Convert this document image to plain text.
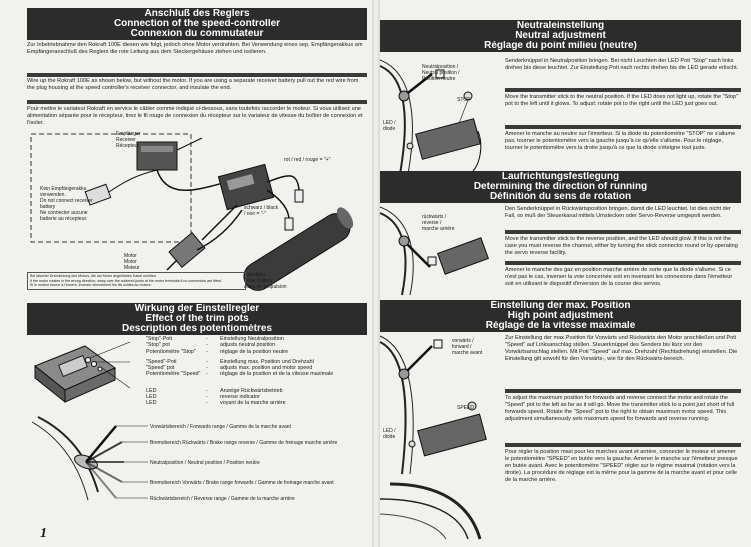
Anschluß des Reglers
Connection of the speed-controller
Connexion du commutateur
Zur Inbetriebnahme den Rokraft 100E diesen wie folgt, jedoch ohne Motor verdrahten. Bei Verwendung eines sep. Empfängerakkus am Empfängeranschluß des Reglers die rote Leitung aus dem Steckergehäuse ziehen und isolieren.
Wire up the Rokraft 100E as shown below, but without the motor. If you are using a separate receiver battery pull out the red wire from the plug housing at the speed controller's receiver connector, and insulate the end.
Pour mettre le variateur Rokraft en service le câbler comme indiqué ci-dessous, sans toutefois raccorder le moteur. Si vous utilisez une alimentation séparée pour le récepteur, tirez le fil rouge de connexion du récepteur sur le variateur de vitesse du boîtier de connexion et l'isoler.
Empfänger
Receiver
Récepteur
Kein Empfängerakku
verwenden.
Do not connect receiver
battery
Ne connecter aucune
batterie au récepteur.
rot / red / rouge = "+"
schwarz / black
/ noir = "-"
Motor
Motor
Moteur
Fahrakku
Drive battery
Accu de propulsion
Bei falscher Drehrichtung des Motors, die am Motor angelöteten Kabel umlöten.
If the motor rotates in the wrong direction, swap over the soldered joints at the motor terminals if no connectors are fitted.
Si le moteur tourne à l'envers, inverser directement les fils soldés au moteur.
Wirkung der Einstellregler
Effect of the trim pots
Description des potentiomètres
"Stop"-Poti
"Stop" pot
Potentiomètre "Stop"
-
-
-
Einstellung Neutralposition
adjusts neutral position
réglage de la position neutre
"Speed"-Poti
"Speed" pot
Potentiomètre "Speed"
-
-
-
Einstellung max. Position und Drehzahl
adjusts max. position and motor speed
réglage de la position et de la vitesse maximale
LED
LED
LED
-
-
-
Anzeige Rückwärtsbetrieb
reverse indicator
voyant de la marche arrière
Vorwärtsbereich / Forwards range / Gamme de la marche avant
Bremsbereich Rückwärts / Brake range reverse / Gamme de freinage marche arrière
Neutralposition / Neutral position / Position neutre
Bremsbereich Vorwärts / Brake range forwards / Gamme de freinage marche avant
Rückwärtsbereich / Reverse range / Gamme de la marche arrière
1
Neutraleinstellung
Neutral adjustment
Réglage du point milieu (neutre)
Neutralposition /
Neutral position /
Position neutre
STOP
LED /
diode
Senderknüppel in Neutralposition bringen. Bei nicht Leuchten der LED Poti "Stop" nach links drehen bis diese leuchtet. Zur Einstellung Poti nach rechts drehen bis die LED gerade erlischt.
Move the transmitter stick to the neutral position. If the LED does not light up, rotate the "Stop" pot to the left until it glows. To adjust: rotate pot to the right until the LED just goes out.
Amener le manche au neutre sur l'émetteur. Si la diode du potentiomètre "STOP" ne s'allume pas, tourner le potentiomètre vers la gauche jusqu'à ce qu'elle s'allume. Pour le réglage, tourner le potentiomètre vers la droite jusqu'à ce que la diode s'éteigne tout juste.
Laufrichtungsfestlegung
Determining the direction of running
Définition du sens de rotation
rückwärts /
reverse /
marche arrière
Den Senderknüppel in Rückwärtsposition bringen, damit die LED leuchtet. Ist dies nicht der Fall, so muß der Steuerkanal mittels Umstecken oder Servo-Reverse umgepolt werden.
Move the transmitter stick to the reverse position, and the LED should glow. If this is not the case you must reverse the channel, either by turning the stick connector round or by operating the servo reverse facility.
Amener le manche des gaz en position marche arrière de sorte que la diode s'allume. Si ce n'est pas le cas, inverser la voie concernée soit en inversant les connexions dans l'émetteur soit en utilisant le dispositif d'inversion de la course des servos.
Einstellung der max. Position
High point adjustment
Réglage de la vitesse maximale
vorwärts /
forward /
marche avant
SPEED
LED /
diode
Zur Einstellung der max.Position für Vorwärts und Rückwärts den Motor anschließen und Poti "Speed" auf Linksanschlag stellen. Steuerknüppel des Senders bis kurz vor den Vorwärtsanschlag stellen. Mit Poti "Speed" auf max. Drehzahl (Rechtsdrehung) einstellen. Die Einstellung gilt sowohl für den Vorwärts-, wie für den Rückwärts-bereich.
To adjust the maximum position for forwards and reverse connect the motor and rotate the "Speed" pot to the left as far as it will go. Move the transmitter stick to a point just short of full forwards speed. Rotate the "Speed" pot to the right to obtain maximum motor speed. This adjustment simultaneously sets maximum speed for forwards and reverse running.
Pour régler la position maxi pour les marches avant et arrière, connecter le moteur et amener le potentiomètre "SPEED" en butée vers la gauche. Amener le manche sur l'émetteur presque en butée avant. Avec le potentiomètre "SPEED" régler sur le régime maximal (rotation vers la droite). La procédure de réglage est la même pour la gamme de la marche avant et pour celle de la marche arrière.
